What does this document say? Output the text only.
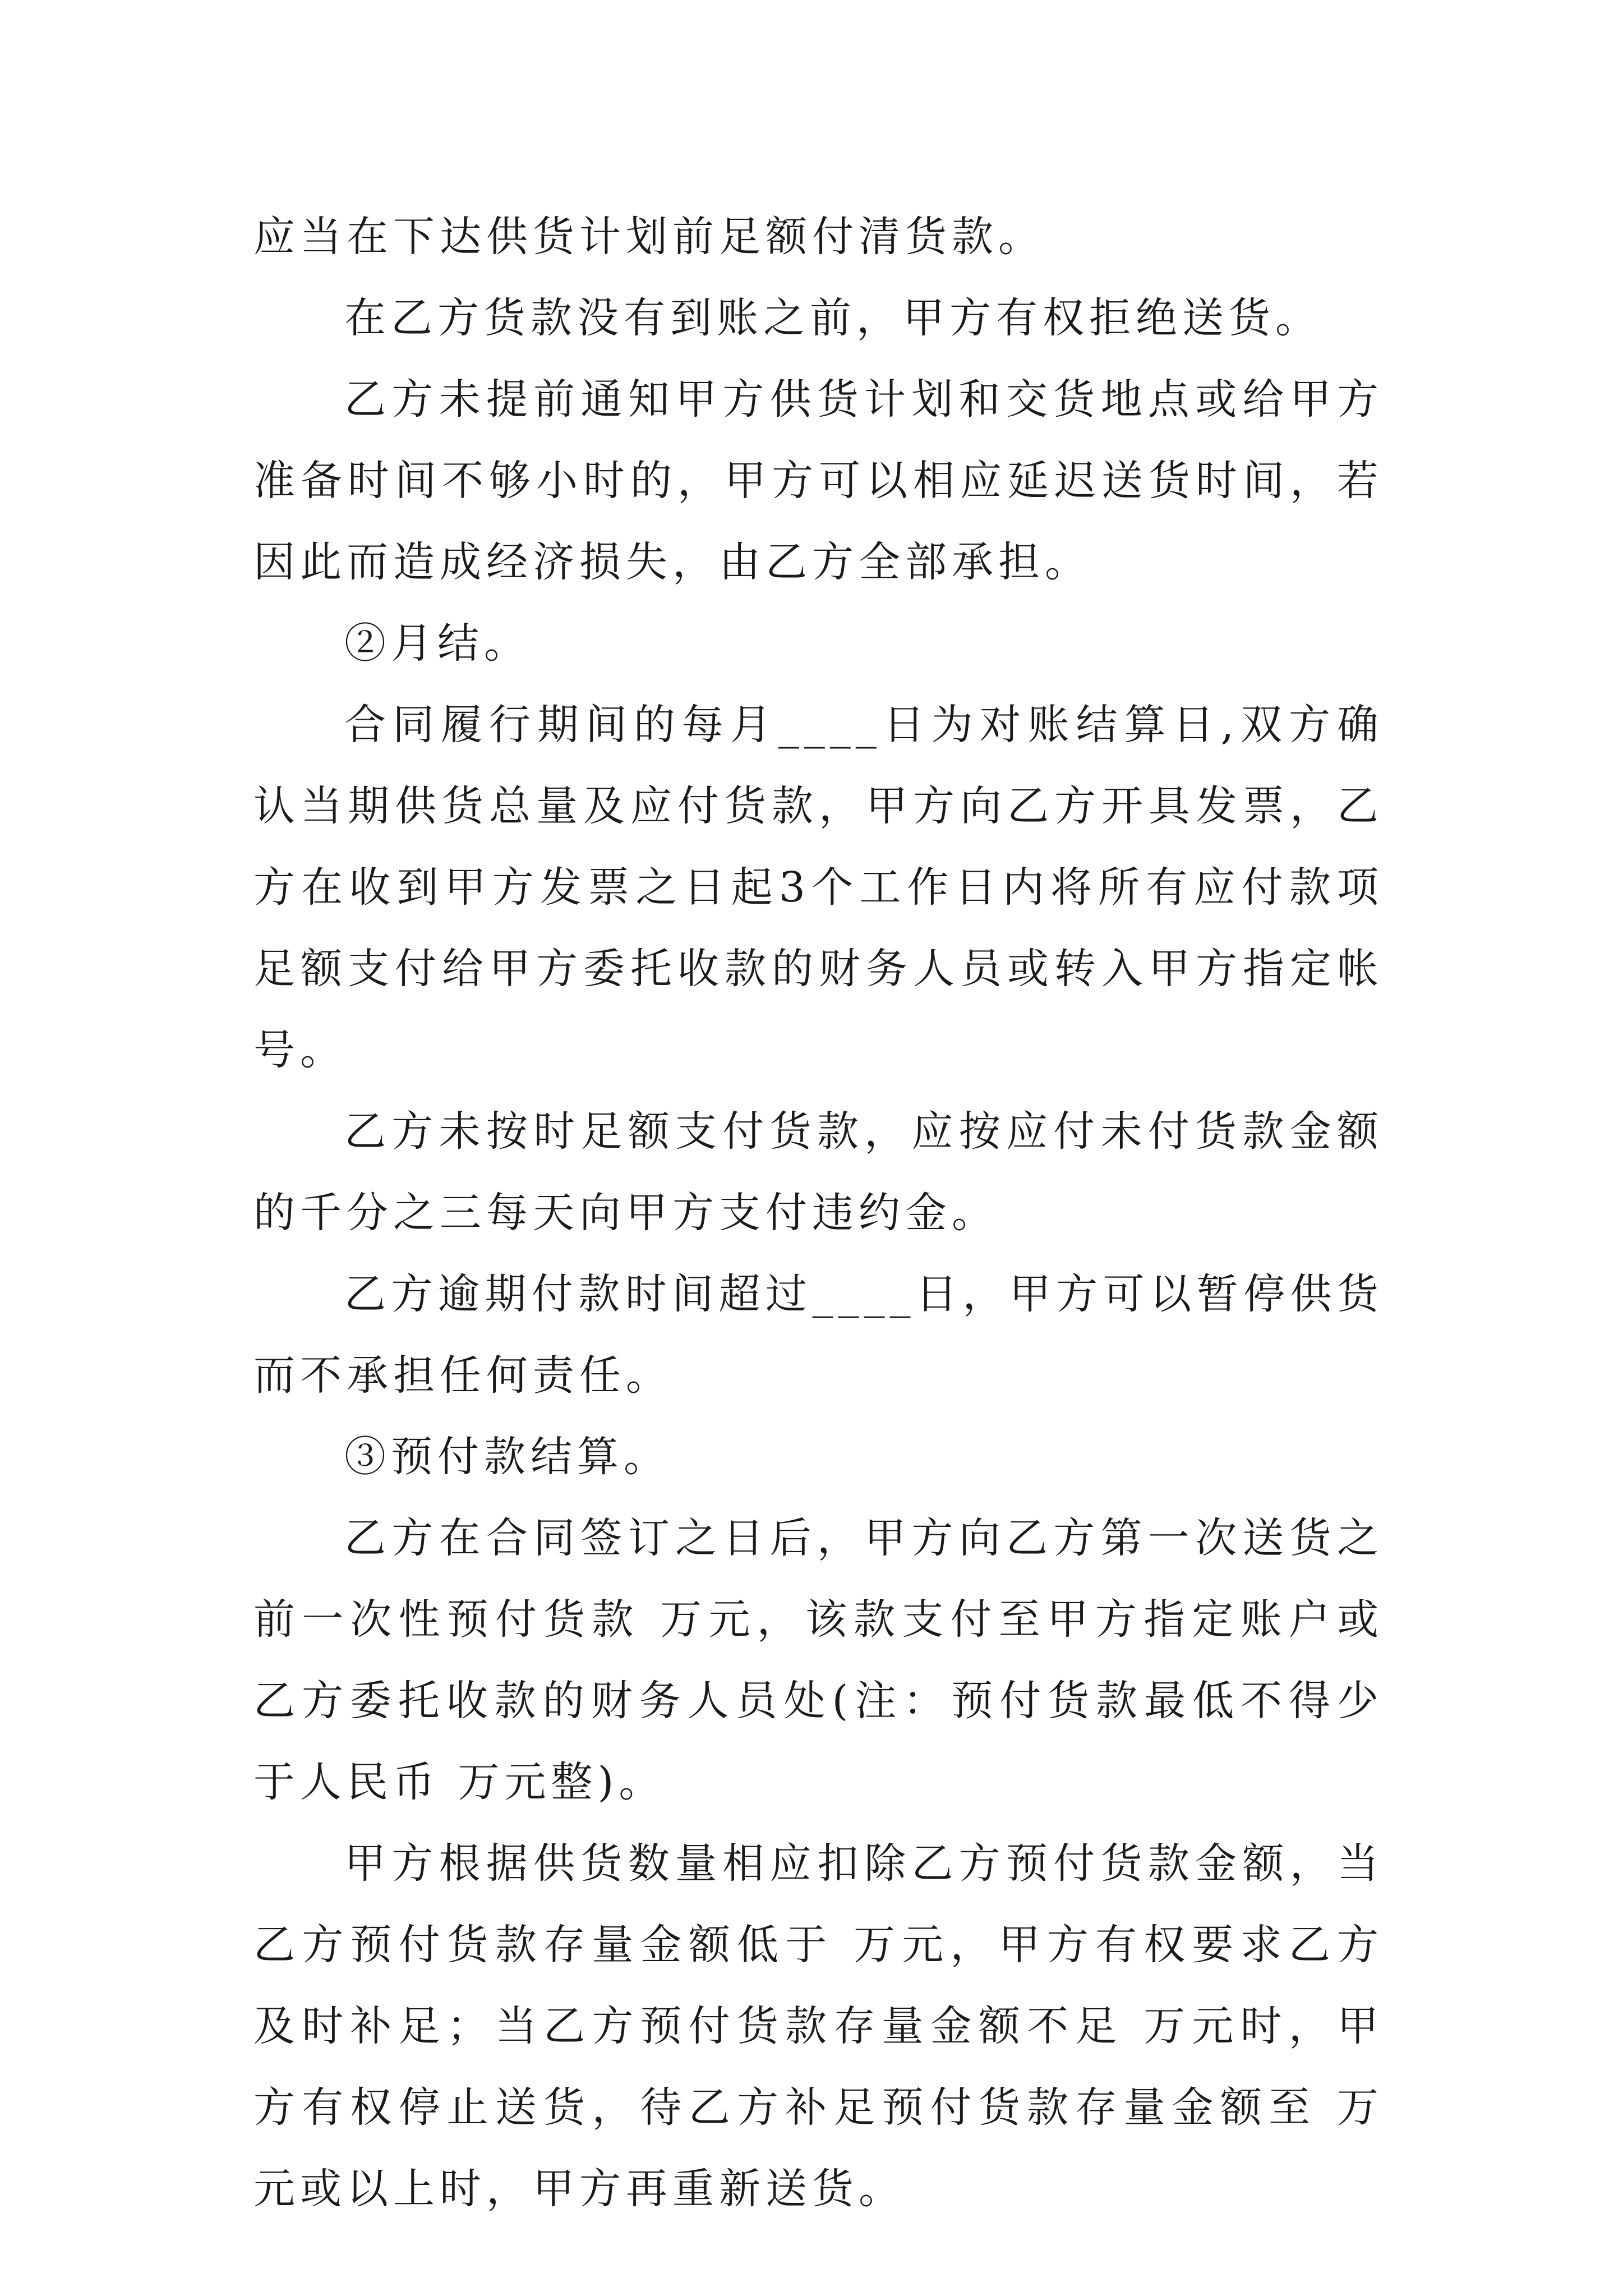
应当在下达供货计划前足额付清货款。

在乙方货款没有到账之前，甲方有权拒绝送货。

乙方未提前通知甲方供货计划和交货地点或给甲方准备时间不够小时的，甲方可以相应延迟送货时间，若因此而造成经济损失，由乙方全部承担。

②月结。

合同履行期间的每月____日为对账结算日,双方确认当期供货总量及应付货款，甲方向乙方开具发票，乙方在收到甲方发票之日起3个工作日内将所有应付款项足额支付给甲方委托收款的财务人员或转入甲方指定帐号。

乙方未按时足额支付货款，应按应付未付货款金额的千分之三每天向甲方支付违约金。

乙方逾期付款时间超过____日，甲方可以暂停供货而不承担任何责任。

③预付款结算。

乙方在合同签订之日后，甲方向乙方第一次送货之前一次性预付货款 万元，该款支付至甲方指定账户或乙方委托收款的财务人员处(注：预付货款最低不得少于人民币 万元整)。

甲方根据供货数量相应扣除乙方预付货款金额，当乙方预付货款存量金额低于 万元，甲方有权要求乙方及时补足；当乙方预付货款存量金额不足 万元时，甲方有权停止送货，待乙方补足预付货款存量金额至 万元或以上时，甲方再重新送货。
